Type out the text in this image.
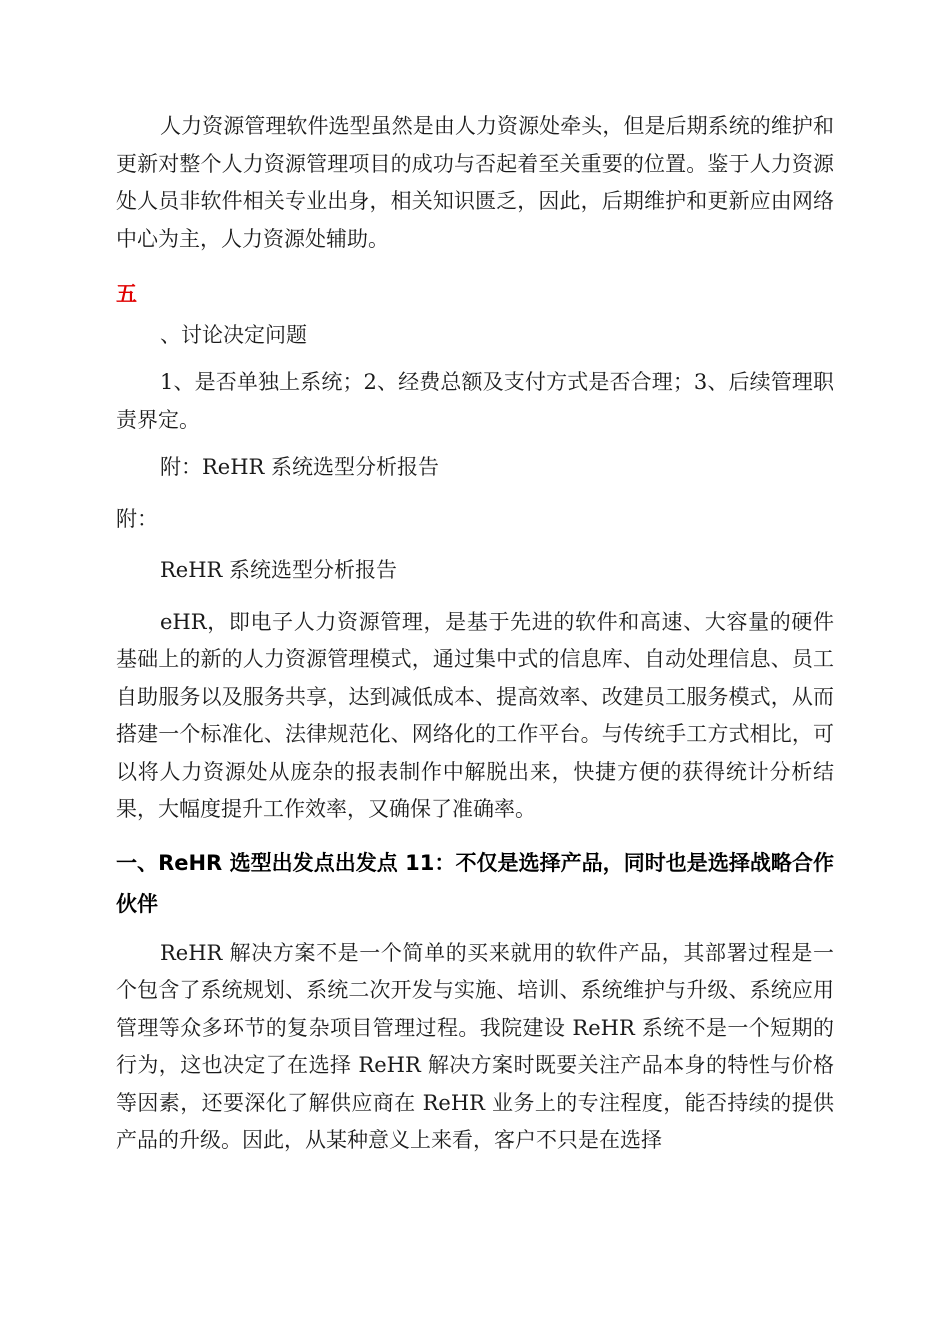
人力资源管理软件选型虽然是由人力资源处牵头，但是后期系统的维护和更新对整个人力资源管理项目的成功与否起着至关重要的位置。鉴于人力资源处人员非软件相关专业出身，相关知识匮乏，因此，后期维护和更新应由网络中心为主，人力资源处辅助。

五

、讨论决定问题

1、是否单独上系统；2、经费总额及支付方式是否合理；3、后续管理职责界定。

附：ReHR 系统选型分析报告

附：

ReHR 系统选型分析报告

eHR，即电子人力资源管理，是基于先进的软件和高速、大容量的硬件基础上的新的人力资源管理模式，通过集中式的信息库、自动处理信息、员工自助服务以及服务共享，达到减低成本、提高效率、改建员工服务模式，从而搭建一个标准化、法律规范化、网络化的工作平台。与传统手工方式相比，可以将人力资源处从庞杂的报表制作中解脱出来，快捷方便的获得统计分析结果，大幅度提升工作效率，又确保了准确率。

一、ReHR 选型出发点出发点 11：不仅是选择产品，同时也是选择战略合作伙伴

ReHR 解决方案不是一个简单的买来就用的软件产品，其部署过程是一个包含了系统规划、系统二次开发与实施、培训、系统维护与升级、系统应用管理等众多环节的复杂项目管理过程。我院建设 ReHR 系统不是一个短期的行为，这也决定了在选择 ReHR 解决方案时既要关注产品本身的特性与价格等因素，还要深化了解供应商在 ReHR 业务上的专注程度，能否持续的提供产品的升级。因此，从某种意义上来看，客户不只是在选择
